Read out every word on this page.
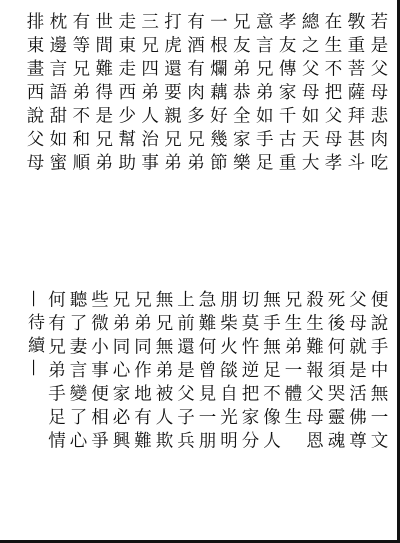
若是父母悲肉吃
斆重菩薩拜甚斗
在生不把父母孝
總之父母如天大
孝友傳家千古重
意言兄弟如手足
兄友弟恭全家樂
一根爛藕好幾節
有酒有肉多兄弟
打虎還要親兄弟
三兄四弟人治事
走東走西少幫助
世間難得是兄弟
有等兄弟不和順
枕邊言語甜如蜜
排東畫西說父母
便說手中無一文
父母就是活佛尊
死後何須哭靈魂
殺生難報父母恩
兄生弟一體生
無手無足不像人
切莫忤逆把家分
朋柴火燄自光明
急難何曾見一朋
上前還是父子兵
無兄無弟被人欺
兄弟同作地有難
兄弟同心家必興
些微小事便相爭
聽了妻言變了心
何有兄弟手足情
—待續—
